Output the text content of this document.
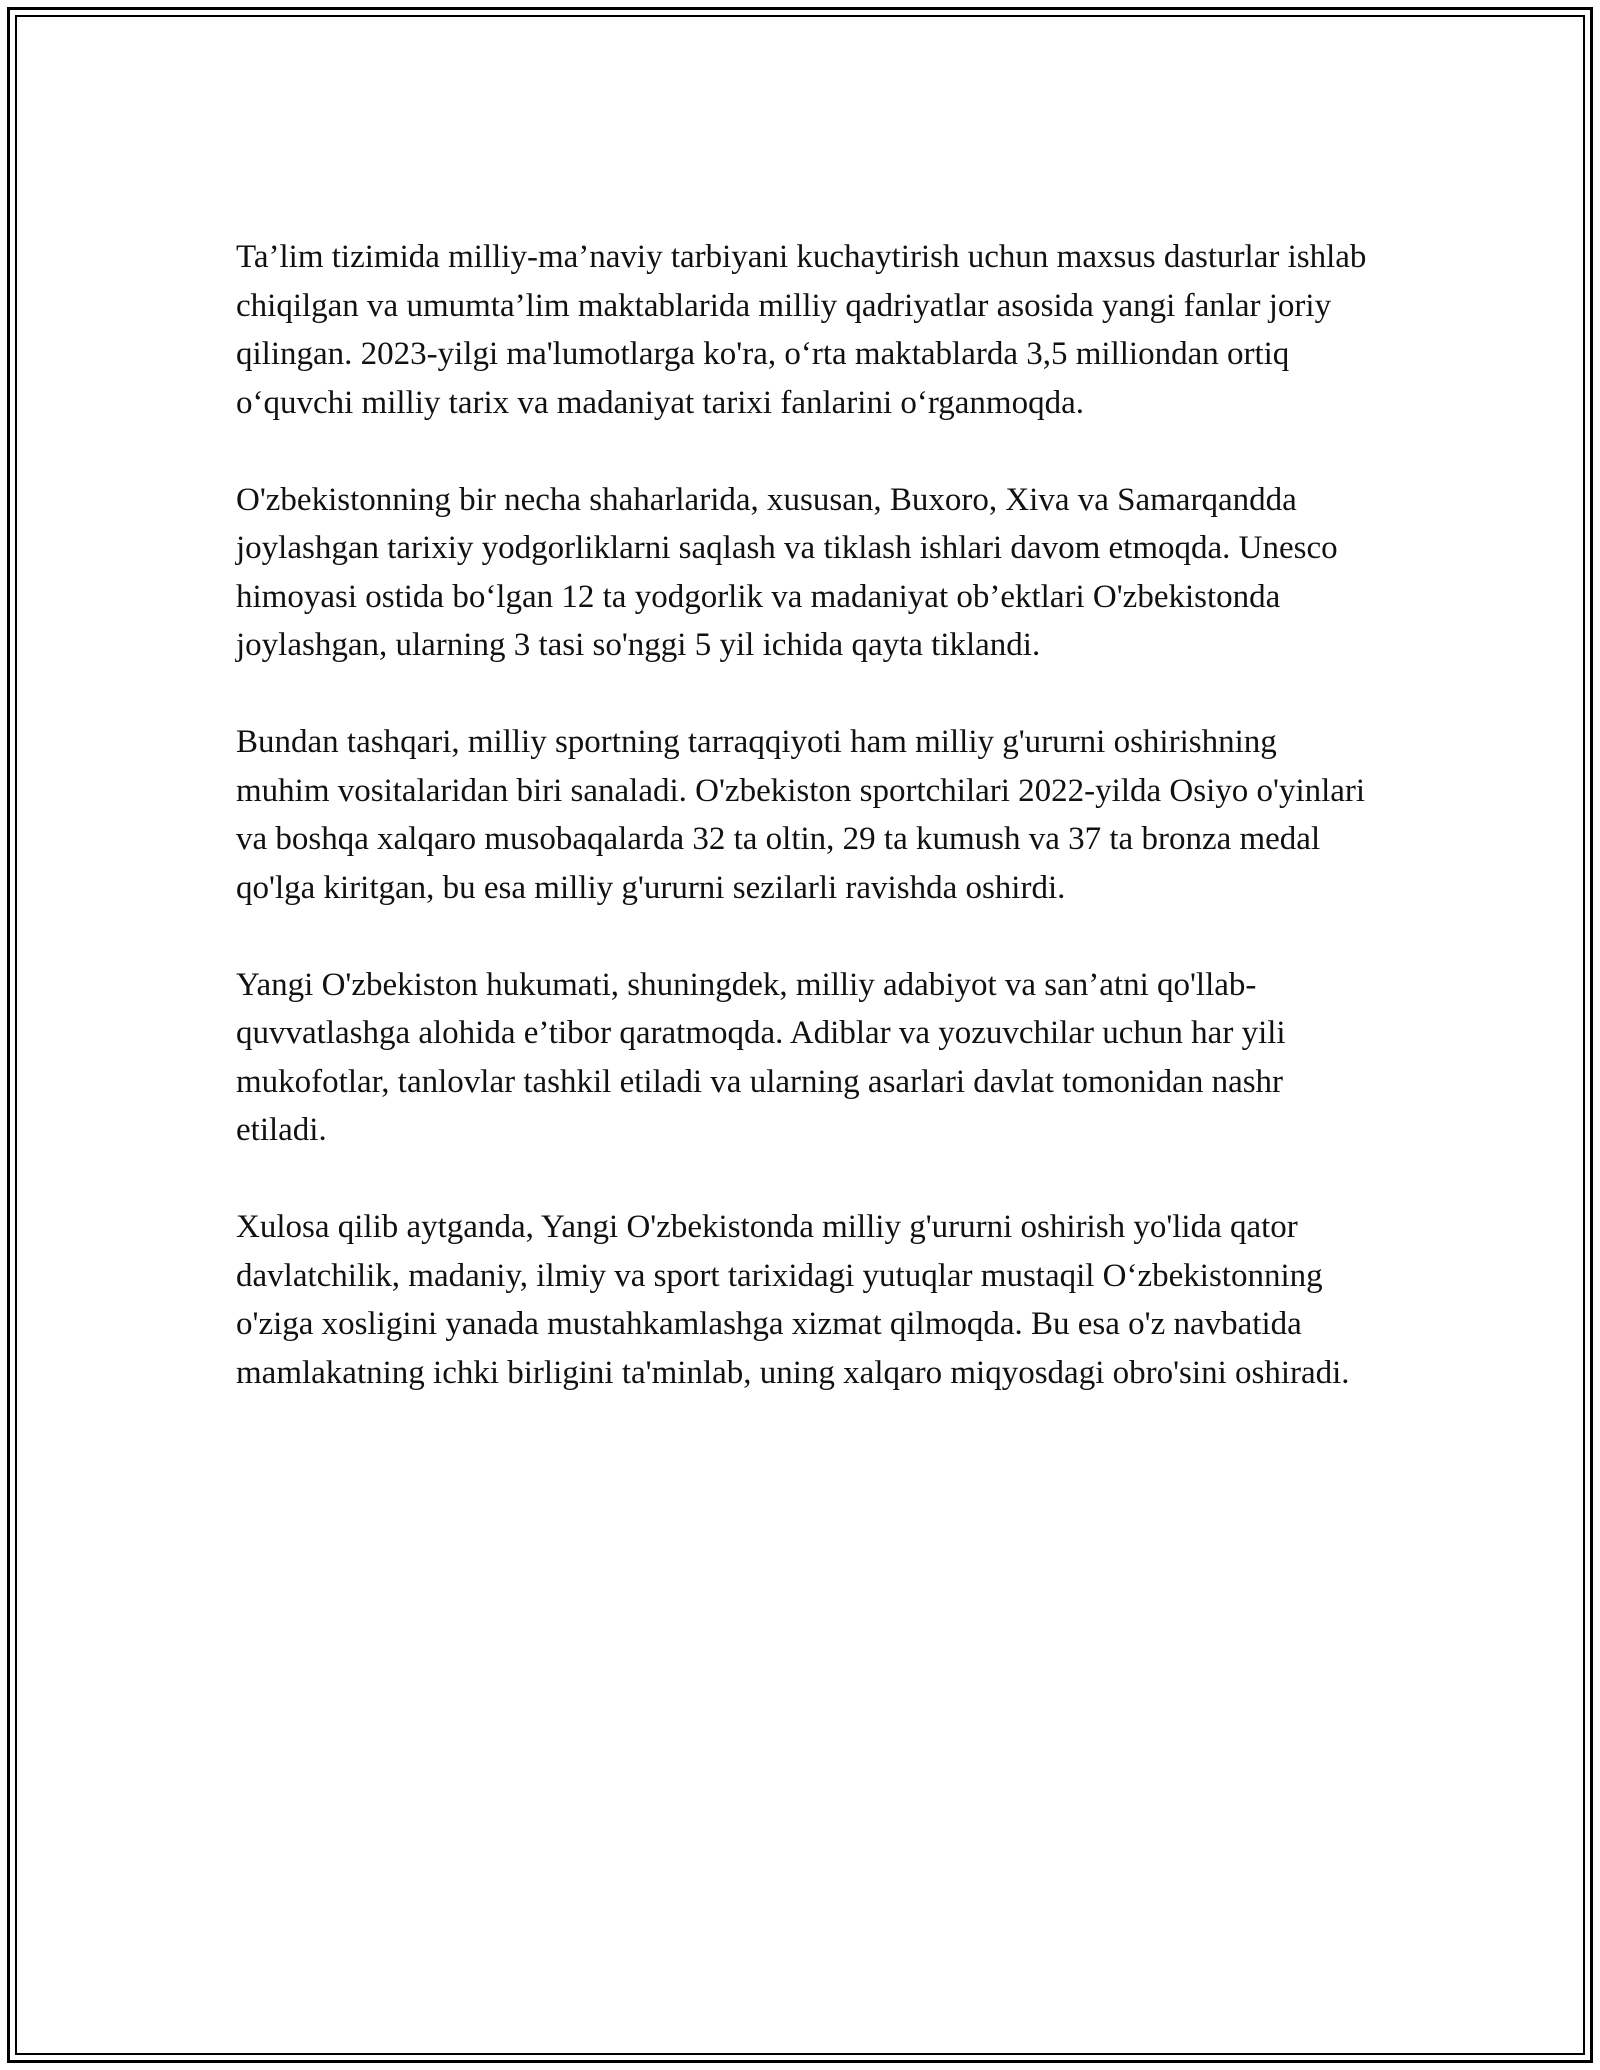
Ta’lim tizimida milliy-ma’naviy tarbiyani kuchaytirish uchun maxsus dasturlar ishlab chiqilgan va umumta’lim maktablarida milliy qadriyatlar asosida yangi fanlar joriy qilingan. 2023-yilgi ma'lumotlarga ko'ra, o‘rta maktablarda 3,5 milliondan ortiq o‘quvchi milliy tarix va madaniyat tarixi fanlarini o‘rganmoqda.

O'zbekistonning bir necha shaharlarida, xususan, Buxoro, Xiva va Samarqandda joylashgan tarixiy yodgorliklarni saqlash va tiklash ishlari davom etmoqda. Unesco himoyasi ostida bo‘lgan 12 ta yodgorlik va madaniyat ob’ektlari O'zbekistonda joylashgan, ularning 3 tasi so'nggi 5 yil ichida qayta tiklandi.

Bundan tashqari, milliy sportning tarraqqiyoti ham milliy g'ururni oshirishning muhim vositalaridan biri sanaladi. O'zbekiston sportchilari 2022-yilda Osiyo o'yinlari va boshqa xalqaro musobaqalarda 32 ta oltin, 29 ta kumush va 37 ta bronza medal qo'lga kiritgan, bu esa milliy g'ururni sezilarli ravishda oshirdi.

Yangi O'zbekiston hukumati, shuningdek, milliy adabiyot va san’atni qo'llab-quvvatlashga alohida e’tibor qaratmoqda. Adiblar va yozuvchilar uchun har yili mukofotlar, tanlovlar tashkil etiladi va ularning asarlari davlat tomonidan nashr etiladi.

Xulosa qilib aytganda, Yangi O'zbekistonda milliy g'ururni oshirish yo'lida qator davlatchilik, madaniy, ilmiy va sport tarixidagi yutuqlar mustaqil O‘zbekistonning o'ziga xosligini yanada mustahkamlashga xizmat qilmoqda. Bu esa o'z navbatida mamlakatning ichki birligini ta'minlab, uning xalqaro miqyosdagi obro'sini oshiradi.
